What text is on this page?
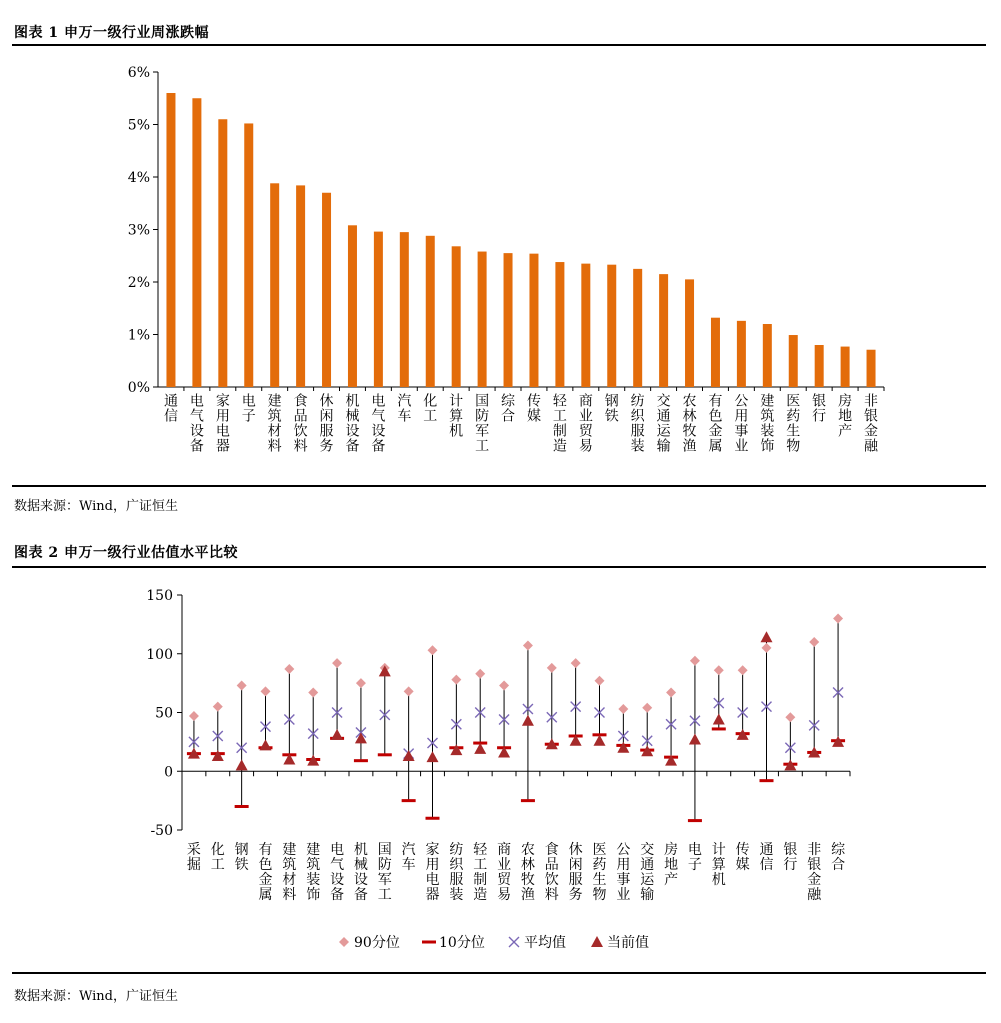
图表 1 申万一级行业周涨跌幅
0%
1%
2%
3%
4%
5%
6%
通
信
电
气
设
备
家
用
电
器
电
子
建
筑
材
料
食
品
饮
料
休
闲
服
务
机
械
设
备
电
气
设
备
汽
车
化
工
计
算
机
国
防
军
工
综
合
传
媒
轻
工
制
造
商
业
贸
易
钢
铁
纺
织
服
装
交
通
运
输
农
林
牧
渔
有
色
金
属
公
用
事
业
建
筑
装
饰
医
药
生
物
银
行
房
地
产
非
银
金
融
数据来源：Wind，广证恒生
图表 2 申万一级行业估值水平比较
-50
0
50
100
150
采
掘
化
工
钢
铁
有
色
金
属
建
筑
材
料
建
筑
装
饰
电
气
设
备
机
械
设
备
国
防
军
工
汽
车
家
用
电
器
纺
织
服
装
轻
工
制
造
商
业
贸
易
农
林
牧
渔
食
品
饮
料
休
闲
服
务
医
药
生
物
公
用
事
业
交
通
运
输
房
地
产
电
子
计
算
机
传
媒
通
信
银
行
非
银
金
融
综
合
90分位	10分位	平均值	当前值
数据来源：Wind，广证恒生
